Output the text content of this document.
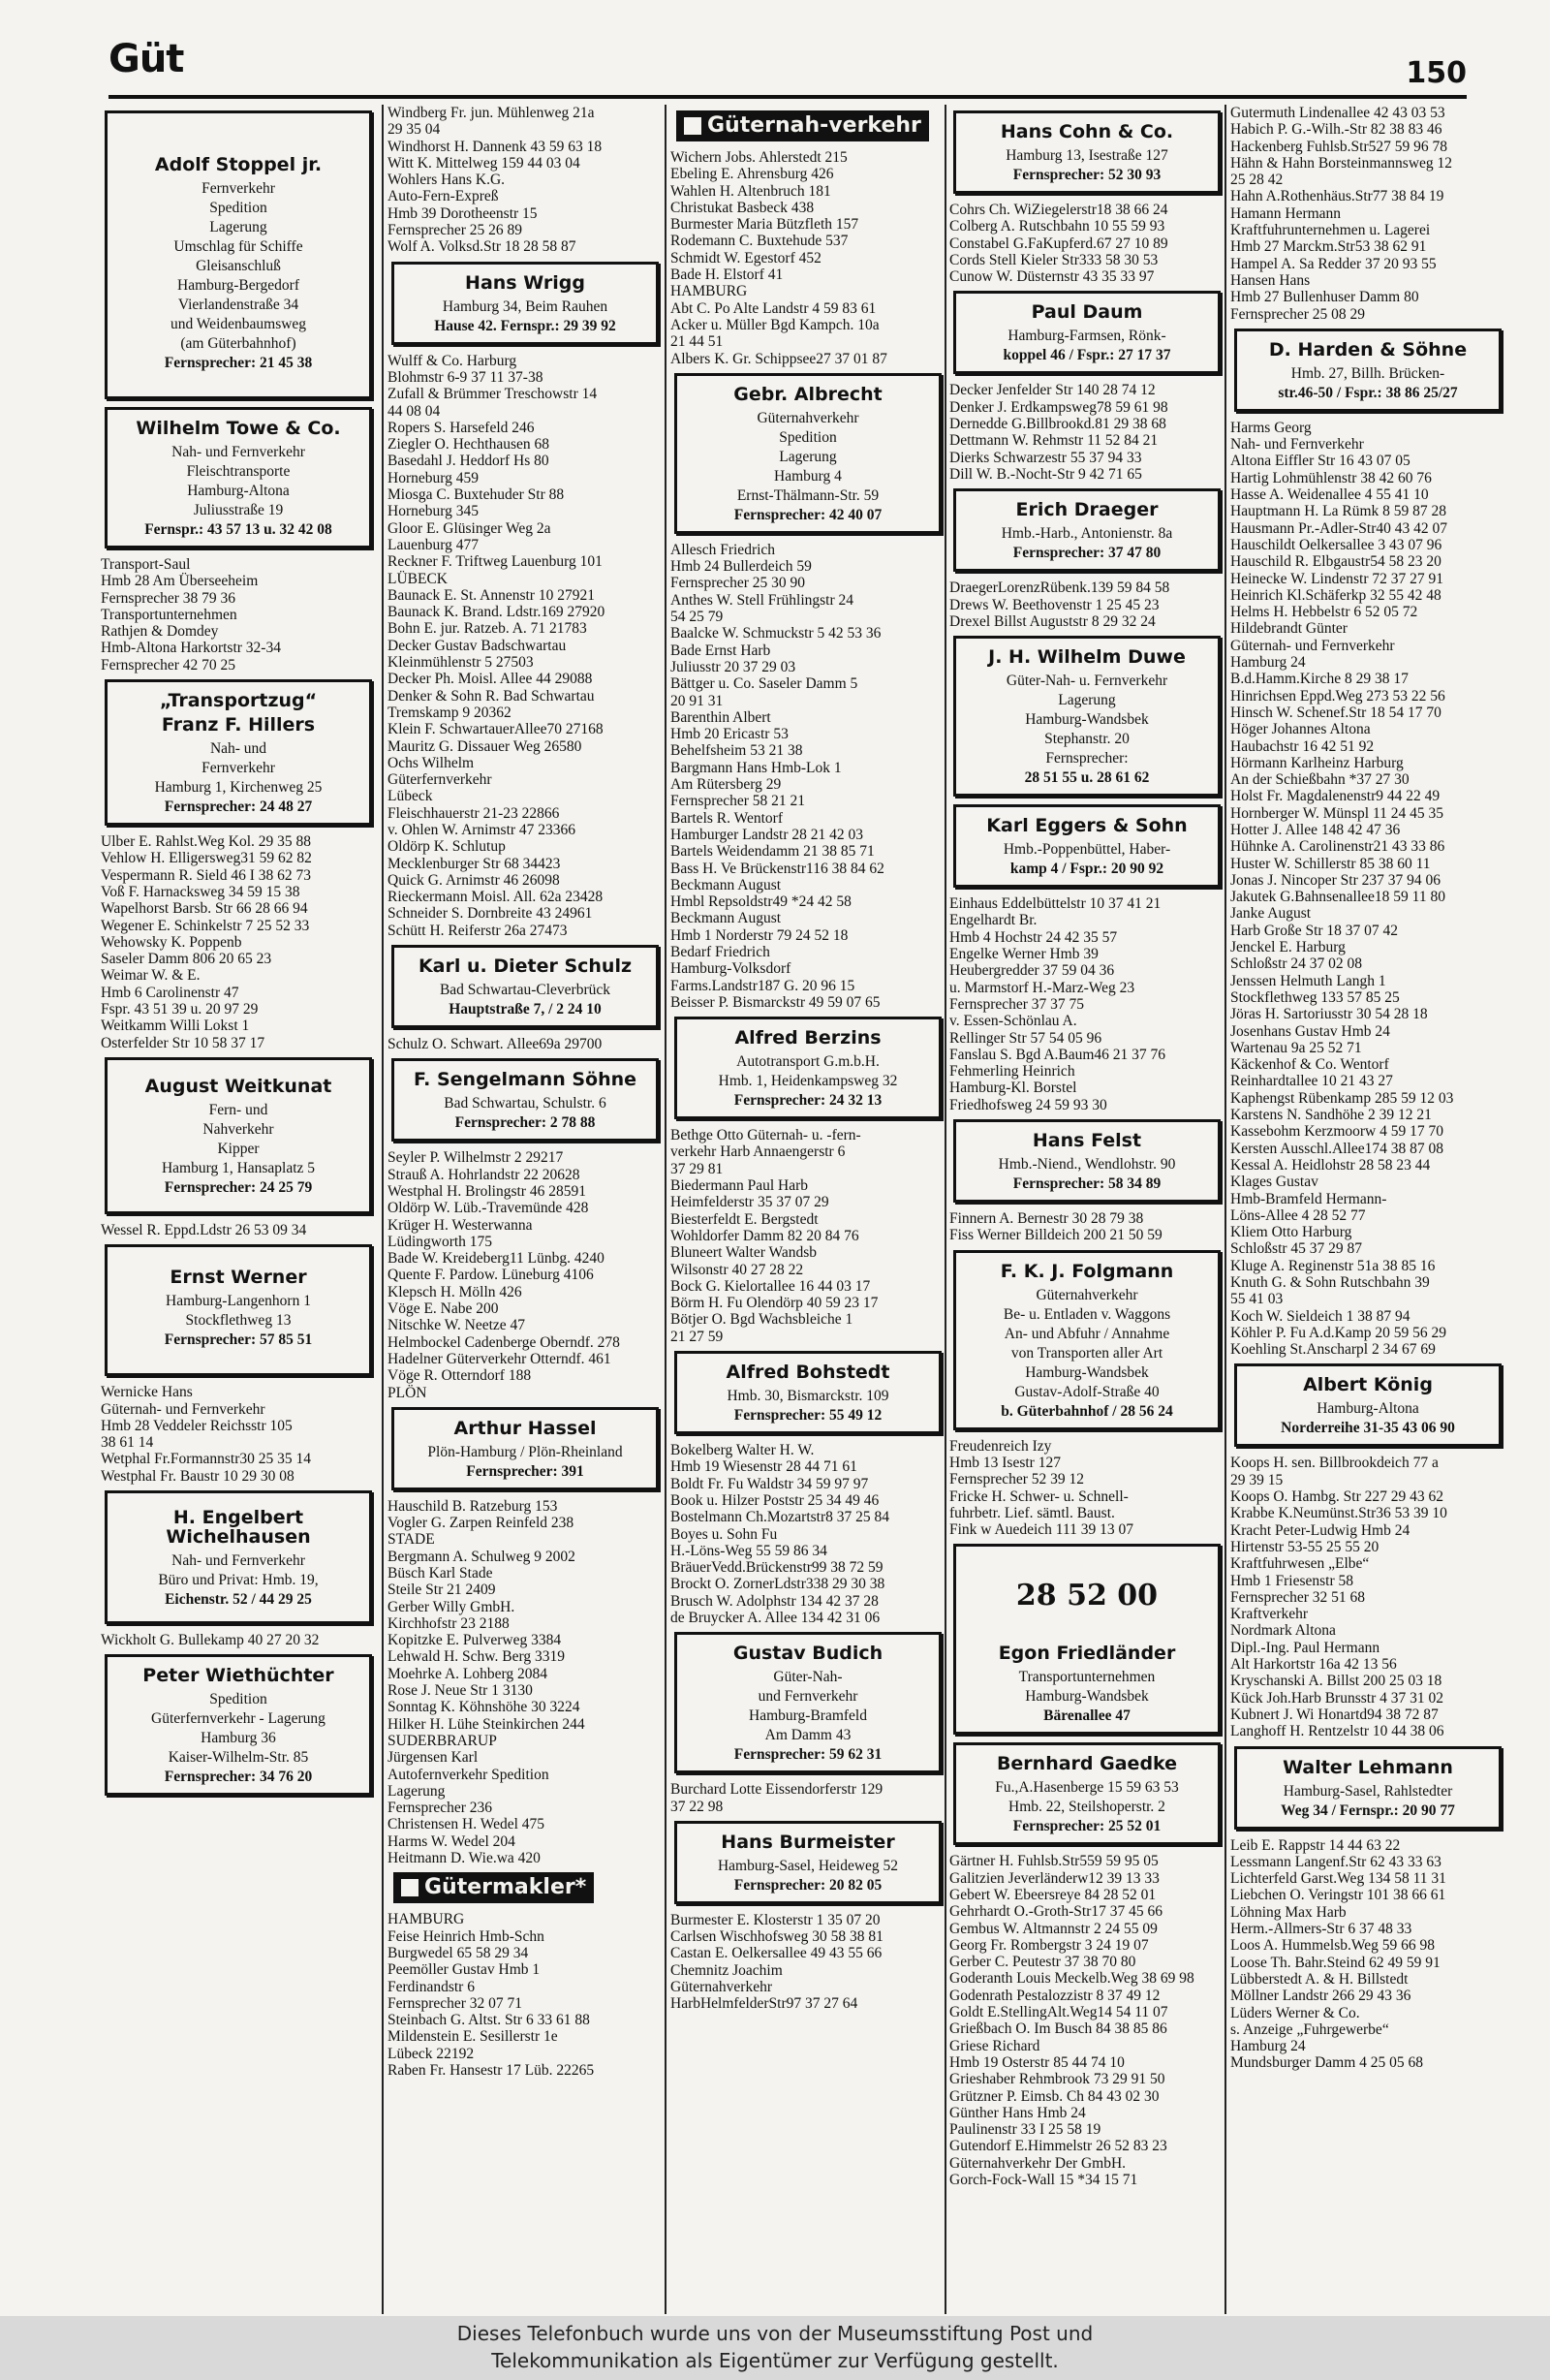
Güt	150
Adolf Stoppel jr.
Fernverkehr
Spedition
Lagerung
Umschlag für Schiffe
Gleisanschluß
Hamburg-Bergedorf
Vierlandenstraße 34
und Weidenbaumsweg
(am Güterbahnhof)
Fernsprecher: 21 45 38
Wilhelm Towe & Co.
Nah- und Fernverkehr
Fleischtransporte
Hamburg-Altona
Juliusstraße 19
Fernspr.: 43 57 13 u. 32 42 08
Transport-Saul
Hmb 28 Am Überseeheim
Fernsprecher 38 79 36
Transportunternehmen
Rathjen & Domdey
Hmb-Altona Harkortstr 32-34
Fernsprecher 42 70 25
„Transportzug“
Franz F. Hillers
Nah- und
Fernverkehr
Hamburg 1, Kirchenweg 25
Fernsprecher: 24 48 27
Ulber E. Rahlst.Weg Kol. 29 35 88
Vehlow H. Elligersweg31 59 62 82
Vespermann R. Sield 46 I 38 62 73
Voß F. Harnacksweg 34 59 15 38
Wapelhorst Barsb. Str 66 28 66 94
Wegener E. Schinkelstr 7 25 52 33
Wehowsky K. Poppenb
Saseler Damm 806 20 65 23
Weimar W. & E.
Hmb 6 Carolinenstr 47
Fspr. 43 51 39 u. 20 97 29
Weitkamm Willi Lokst 1
Osterfelder Str 10 58 37 17
August Weitkunat
Fern- und
Nahverkehr
Kipper
Hamburg 1, Hansaplatz 5
Fernsprecher: 24 25 79
Wessel R. Eppd.Ldstr 26 53 09 34
Ernst Werner
Hamburg-Langenhorn 1
Stockflethweg 13
Fernsprecher: 57 85 51
Wernicke Hans
Güternah- und Fernverkehr
Hmb 28 Veddeler Reichsstr 105
38 61 14
Wetphal Fr.Formannstr30 25 35 14
Westphal Fr. Baustr 10 29 30 08
H. Engelbert Wichelhausen
Nah- und Fernverkehr
Büro und Privat: Hmb. 19,
Eichenstr. 52 / 44 29 25
Wickholt G. Bullekamp 40 27 20 32
Peter Wiethüchter
Spedition
Güterfernverkehr - Lagerung
Hamburg 36
Kaiser-Wilhelm-Str. 85
Fernsprecher: 34 76 20
Windberg Fr. jun. Mühlenweg 21a
29 35 04
Windhorst H. Dannenk 43 59 63 18
Witt K. Mittelweg 159 44 03 04
Wohlers Hans K.G.
Auto-Fern-Expreß
Hmb 39 Dorotheenstr 15
Fernsprecher 25 26 89
Wolf A. Volksd.Str 18 28 58 87
Hans Wrigg
Hamburg 34, Beim Rauhen
Hause 42. Fernspr.: 29 39 92
Wulff & Co. Harburg
Blohmstr 6-9 37 11 37-38
Zufall & Brümmer Treschowstr 14
44 08 04
Ropers S. Harsefeld 246
Ziegler O. Hechthausen 68
Basedahl J. Heddorf Hs 80
Horneburg 459
Miosga C. Buxtehuder Str 88
Horneburg 345
Gloor E. Glüsinger Weg 2a
Lauenburg 477
Reckner F. Triftweg Lauenburg 101
LÜBECK
Baunack E. St. Annenstr 10 27921
Baunack K. Brand. Ldstr.169 27920
Bohn E. jur. Ratzeb. A. 71 21783
Decker Gustav Badschwartau
Kleinmühlenstr 5 27503
Decker Ph. Moisl. Allee 44 29088
Denker & Sohn R. Bad Schwartau
Tremskamp 9 20362
Klein F. SchwartauerAllee70 27168
Mauritz G. Dissauer Weg 26580
Ochs Wilhelm
Güterfernverkehr
Lübeck
Fleischhauerstr 21-23 22866
v. Ohlen W. Arnimstr 47 23366
Oldörp K. Schlutup
Mecklenburger Str 68 34423
Quick G. Arnimstr 46 26098
Rieckermann Moisl. All. 62a 23428
Schneider S. Dornbreite 43 24961
Schütt H. Reiferstr 26a 27473
Karl u. Dieter Schulz
Bad Schwartau-Cleverbrück
Hauptstraße 7, / 2 24 10
Schulz O. Schwart. Allee69a 29700
F. Sengelmann Söhne
Bad Schwartau, Schulstr. 6
Fernsprecher: 2 78 88
Seyler P. Wilhelmstr 2 29217
Strauß A. Hohrlandstr 22 20628
Westphal H. Brolingstr 46 28591
Oldörp W. Lüb.-Travemünde 428
Krüger H. Westerwanna
Lüdingworth 175
Bade W. Kreideberg11 Lünbg. 4240
Quente F. Pardow. Lüneburg 4106
Klepsch H. Mölln 426
Vöge E. Nabe 200
Nitschke W. Neetze 47
Helmbockel Cadenberge Oberndf. 278
Hadelner Güterverkehr Otterndf. 461
Vöge R. Otterndorf 188
PLÖN
Arthur Hassel
Plön-Hamburg / Plön-Rheinland
Fernsprecher: 391
Hauschild B. Ratzeburg 153
Vogler G. Zarpen Reinfeld 238
STADE
Bergmann A. Schulweg 9 2002
Büsch Karl Stade
Steile Str 21 2409
Gerber Willy GmbH.
Kirchhofstr 23 2188
Kopitzke E. Pulverweg 3384
Lehwald H. Schw. Berg 3319
Moehrke A. Lohberg 2084
Rose J. Neue Str 1 3130
Sonntag K. Köhnshöhe 30 3224
Hilker H. Lühe Steinkirchen 244
SUDERBRARUP
Jürgensen Karl
Autofernverkehr Spedition
Lagerung
Fernsprecher 236
Christensen H. Wedel 475
Harms W. Wedel 204
Heitmann D. Wie.wa 420
Gütermakler*
HAMBURG
Feise Heinrich Hmb-Schn
Burgwedel 65 58 29 34
Peemöller Gustav Hmb 1
Ferdinandstr 6
Fernsprecher 32 07 71
Steinbach G. Altst. Str 6 33 61 88
Mildenstein E. Sesillerstr 1e
Lübeck 22192
Raben Fr. Hansestr 17 Lüb. 22265
Güternah-verkehr
Wichern Jobs. Ahlerstedt 215
Ebeling E. Ahrensburg 426
Wahlen H. Altenbruch 181
Christukat Basbeck 438
Burmester Maria Bützfleth 157
Rodemann C. Buxtehude 537
Schmidt W. Egestorf 452
Bade H. Elstorf 41
HAMBURG
Abt C. Po Alte Landstr 4 59 83 61
Acker u. Müller Bgd Kampch. 10a
21 44 51
Albers K. Gr. Schippsee27 37 01 87
Gebr. Albrecht
Güternahverkehr
Spedition
Lagerung
Hamburg 4
Ernst-Thälmann-Str. 59
Fernsprecher: 42 40 07
Allesch Friedrich
Hmb 24 Bullerdeich 59
Fernsprecher 25 30 90
Anthes W. Stell Frühlingstr 24
54 25 79
Baalcke W. Schmuckstr 5 42 53 36
Bade Ernst Harb
Juliusstr 20 37 29 03
Bättger u. Co. Saseler Damm 5
20 91 31
Barenthin Albert
Hmb 20 Ericastr 53
Behelfsheim 53 21 38
Bargmann Hans Hmb-Lok 1
Am Rütersberg 29
Fernsprecher 58 21 21
Bartels R. Wentorf
Hamburger Landstr 28 21 42 03
Bartels Weidendamm 21 38 85 71
Bass H. Ve Brückenstr116 38 84 62
Beckmann August
Hmbl Repsoldstr49 *24 42 58
Beckmann August
Hmb 1 Norderstr 79 24 52 18
Bedarf Friedrich
Hamburg-Volksdorf
Farms.Landstr187 G. 20 96 15
Beisser P. Bismarckstr 49 59 07 65
Alfred Berzins
Autotransport G.m.b.H.
Hmb. 1, Heidenkampsweg 32
Fernsprecher: 24 32 13
Bethge Otto Güternah- u. -fern-
verkehr Harb Annaengerstr 6
37 29 81
Biedermann Paul Harb
Heimfelderstr 35 37 07 29
Biesterfeldt E. Bergstedt
Wohldorfer Damm 82 20 84 76
Bluneert Walter Wandsb
Wilsonstr 40 27 28 22
Bock G. Kielortallee 16 44 03 17
Börm H. Fu Olendörp 40 59 23 17
Bötjer O. Bgd Wachsbleiche 1
21 27 59
Alfred Bohstedt
Hmb. 30, Bismarckstr. 109
Fernsprecher: 55 49 12
Bokelberg Walter H. W.
Hmb 19 Wiesenstr 28 44 71 61
Boldt Fr. Fu Waldstr 34 59 97 97
Book u. Hilzer Poststr 25 34 49 46
Bostelmann Ch.Mozartstr8 37 25 84
Boyes u. Sohn Fu
H.-Löns-Weg 55 59 86 34
BräuerVedd.Brückenstr99 38 72 59
Brockt O. ZornerLdstr338 29 30 38
Brusch W. Adolphstr 134 42 37 28
de Bruycker A. Allee 134 42 31 06
Gustav Budich
Güter-Nah-
und Fernverkehr
Hamburg-Bramfeld
Am Damm 43
Fernsprecher: 59 62 31
Burchard Lotte Eissendorferstr 129
37 22 98
Hans Burmeister
Hamburg-Sasel, Heideweg 52
Fernsprecher: 20 82 05
Burmester E. Klosterstr 1 35 07 20
Carlsen Wischhofsweg 30 58 38 81
Castan E. Oelkersallee 49 43 55 66
Chemnitz Joachim
Güternahverkehr
HarbHelmfelderStr97 37 27 64
Hans Cohn & Co.
Hamburg 13, Isestraße 127
Fernsprecher: 52 30 93
Cohrs Ch. WiZiegelerstr18 38 66 24
Colberg A. Rutschbahn 10 55 59 93
Constabel G.FaKupferd.67 27 10 89
Cords Stell Kieler Str333 58 30 53
Cunow W. Düsternstr 43 35 33 97
Paul Daum
Hamburg-Farmsen, Rönk-
koppel 46 / Fspr.: 27 17 37
Decker Jenfelder Str 140 28 74 12
Denker J. Erdkampsweg78 59 61 98
Dernedde G.Billbrookd.81 29 38 68
Dettmann W. Rehmstr 11 52 84 21
Dierks Schwarzestr 55 37 94 33
Dill W. B.-Nocht-Str 9 42 71 65
Erich Draeger
Hmb.-Harb., Antonienstr. 8a
Fernsprecher: 37 47 80
DraegerLorenzRübenk.139 59 84 58
Drews W. Beethovenstr 1 25 45 23
Drexel Billst Auguststr 8 29 32 24
J. H. Wilhelm Duwe
Güter-Nah- u. Fernverkehr
Lagerung
Hamburg-Wandsbek
Stephanstr. 20
Fernsprecher:
28 51 55 u. 28 61 62
Karl Eggers & Sohn
Hmb.-Poppenbüttel, Haber-
kamp 4 / Fspr.: 20 90 92
Einhaus Eddelbüttelstr 10 37 41 21
Engelhardt Br.
Hmb 4 Hochstr 24 42 35 57
Engelke Werner Hmb 39
Heubergredder 37 59 04 36
u. Marmstorf H.-Marz-Weg 23
Fernsprecher 37 37 75
v. Essen-Schönlau A.
Rellinger Str 57 54 05 96
Fanslau S. Bgd A.Baum46 21 37 76
Fehmerling Heinrich
Hamburg-Kl. Borstel
Friedhofsweg 24 59 93 30
Hans Felst
Hmb.-Niend., Wendlohstr. 90
Fernsprecher: 58 34 89
Finnern A. Bernestr 30 28 79 38
Fiss Werner Billdeich 200 21 50 59
F. K. J. Folgmann
Güternahverkehr
Be- u. Entladen v. Waggons
An- und Abfuhr / Annahme
von Transporten aller Art
Hamburg-Wandsbek
Gustav-Adolf-Straße 40
b. Güterbahnhof / 28 56 24
Freudenreich Izy
Hmb 13 Isestr 127
Fernsprecher 52 39 12
Fricke H. Schwer- u. Schnell-
fuhrbetr. Lief. sämtl. Baust.
Fink w Auedeich 111 39 13 07
28 52 00
Egon Friedländer
Transportunternehmen
Hamburg-Wandsbek
Bärenallee 47
Bernhard Gaedke
Fu.,A.Hasenberge 15 59 63 53
Hmb. 22, Steilshoperstr. 2
Fernsprecher: 25 52 01
Gärtner H. Fuhlsb.Str559 59 95 05
Galitzien Jeverländerw12 39 13 33
Gebert W. Ebeersreye 84 28 52 01
Gehrhardt O.-Groth-Str17 37 45 66
Gembus W. Altmannstr 2 24 55 09
Georg Fr. Rombergstr 3 24 19 07
Gerber C. Peutestr 37 38 70 80
Goderanth Louis Meckelb.Weg 38 69 98
Godenrath Pestalozzistr 8 37 49 12
Goldt E.StellingAlt.Weg14 54 11 07
Grießbach O. Im Busch 84 38 85 86
Griese Richard
Hmb 19 Osterstr 85 44 74 10
Grieshaber Rehmbrook 73 29 91 50
Grützner P. Eimsb. Ch 84 43 02 30
Günther Hans Hmb 24
Paulinenstr 33 I 25 58 19
Gutendorf E.Himmelstr 26 52 83 23
Güternahverkehr Der GmbH.
Gorch-Fock-Wall 15 *34 15 71
Gutermuth Lindenallee 42 43 03 53
Habich P. G.-Wilh.-Str 82 38 83 46
Hackenberg Fuhlsb.Str527 59 96 78
Hähn & Hahn Borsteinmannsweg 12
25 28 42
Hahn A.Rothenhäus.Str77 38 84 19
Hamann Hermann
Kraftfuhrunternehmen u. Lagerei
Hmb 27 Marckm.Str53 38 62 91
Hampel A. Sa Redder 37 20 93 55
Hansen Hans
Hmb 27 Bullenhuser Damm 80
Fernsprecher 25 08 29
D. Harden & Söhne
Hmb. 27, Billh. Brücken-
str.46-50 / Fspr.: 38 86 25/27
Harms Georg
Nah- und Fernverkehr
Altona Eiffler Str 16 43 07 05
Hartig Lohmühlenstr 38 42 60 76
Hasse A. Weidenallee 4 55 41 10
Hauptmann H. La Rümk 8 59 87 28
Hausmann Pr.-Adler-Str40 43 42 07
Hauschildt Oelkersallee 3 43 07 96
Hauschild R. Elbgaustr54 58 23 20
Heinecke W. Lindenstr 72 37 27 91
Heinrich Kl.Schäferkp 32 55 42 48
Helms H. Hebbelstr 6 52 05 72
Hildebrandt Günter
Güternah- und Fernverkehr
Hamburg 24
B.d.Hamm.Kirche 8 29 38 17
Hinrichsen Eppd.Weg 273 53 22 56
Hinsch W. Schenef.Str 18 54 17 70
Höger Johannes Altona
Haubachstr 16 42 51 92
Hörmann Karlheinz Harburg
An der Schießbahn *37 27 30
Holst Fr. Magdalenenstr9 44 22 49
Hornberger W. Münspl 11 24 45 35
Hotter J. Allee 148 42 47 36
Hühnke A. Carolinenstr21 43 33 86
Huster W. Schillerstr 85 38 60 11
Jonas J. Nincoper Str 237 37 94 06
Jakutek G.Bahnsenallee18 59 11 80
Janke August
Harb Große Str 18 37 07 42
Jenckel E. Harburg
Schloßstr 24 37 02 08
Jenssen Helmuth Langh 1
Stockflethweg 133 57 85 25
Jöras H. Sartoriusstr 30 54 28 18
Josenhans Gustav Hmb 24
Wartenau 9a 25 52 71
Käckenhof & Co. Wentorf
Reinhardtallee 10 21 43 27
Kaphengst Rübenkamp 285 59 12 03
Karstens N. Sandhöhe 2 39 12 21
Kassebohm Kerzmoorw 4 59 17 70
Kersten Ausschl.Allee174 38 87 08
Kessal A. Heidlohstr 28 58 23 44
Klages Gustav
Hmb-Bramfeld Hermann-
Löns-Allee 4 28 52 77
Kliem Otto Harburg
Schloßstr 45 37 29 87
Kluge A. Reginenstr 51a 38 85 16
Knuth G. & Sohn Rutschbahn 39
55 41 03
Koch W. Sieldeich 1 38 87 94
Köhler P. Fu A.d.Kamp 20 59 56 29
Koehling St.Anscharpl 2 34 67 69
Albert König
Hamburg-Altona
Norderreihe 31-35 43 06 90
Koops H. sen. Billbrookdeich 77 a
29 39 15
Koops O. Hambg. Str 227 29 43 62
Krabbe K.Neumünst.Str36 53 39 10
Kracht Peter-Ludwig Hmb 24
Hirtenstr 53-55 25 55 20
Kraftfuhrwesen „Elbe“
Hmb 1 Friesenstr 58
Fernsprecher 32 51 68
Kraftverkehr
Nordmark Altona
Dipl.-Ing. Paul Hermann
Alt Harkortstr 16a 42 13 56
Kryschanski A. Billst 200 25 03 18
Kück Joh.Harb Brunsstr 4 37 31 02
Kubnert J. Wi Honartd94 38 72 87
Langhoff H. Rentzelstr 10 44 38 06
Walter Lehmann
Hamburg-Sasel, Rahlstedter
Weg 34 / Fernspr.: 20 90 77
Leib E. Rappstr 14 44 63 22
Lessmann Langenf.Str 62 43 33 63
Lichterfeld Garst.Weg 134 58 11 31
Liebchen O. Veringstr 101 38 66 61
Löhning Max Harb
Herm.-Allmers-Str 6 37 48 33
Loos A. Hummelsb.Weg 59 66 98
Loose Th. Bahr.Steind 62 49 59 91
Lübberstedt A. & H. Billstedt
Möllner Landstr 266 29 43 36
Lüders Werner & Co.
s. Anzeige „Fuhrgewerbe“
Hamburg 24
Mundsburger Damm 4 25 05 68
Dieses Telefonbuch wurde uns von der Museumsstiftung Post und
Telekommunikation als Eigentümer zur Verfügung gestellt.
